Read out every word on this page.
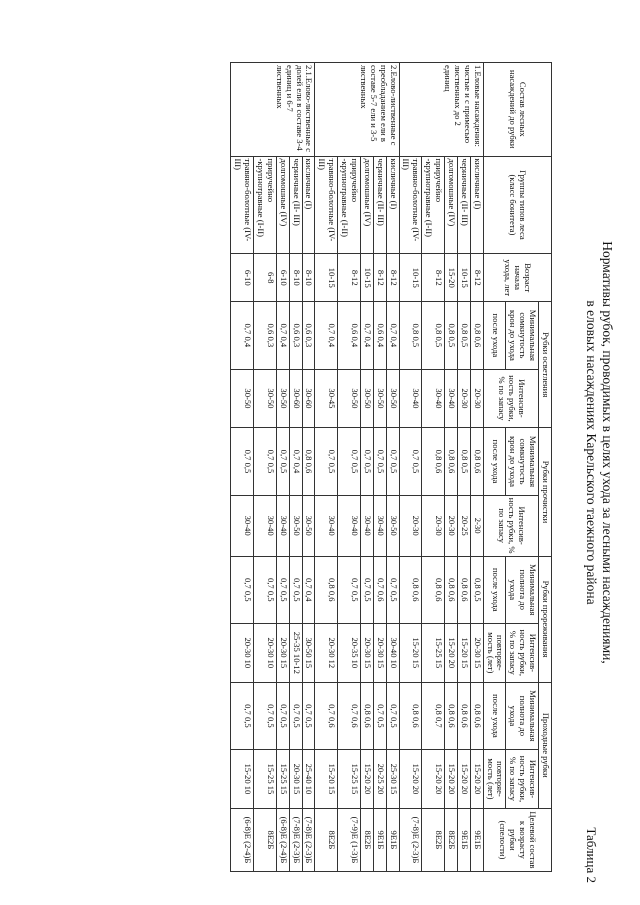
Таблица 2
Нормативы рубок, проводимых в целях ухода за лесными насаждениями,
в еловых насаждениях Карельского таежного района
Состав лесных насаждений до рубки	Группы типов леса (класс бонитета)	Возраст начала ухода, лет	Рубки осветления		Рубки прочистки		Рубки прореживания		Проходные рубки		Целевой состав к возрасту рубки (спелости)
			Минимальная сомкнутость крон до ухода	Интенсив-ность рубки, % по запасу	Минимальная сомкнутость крон до ухода	Интенсив-ность рубки, % по запасу	Минимальная полнота до ухода	Интенсив-ность рубки, % по запасу	Минимальная полнота до ухода	Интенсив-ность рубки, % по запасу	
			после ухода		после ухода		после ухода	повторяе-мость (лет)	после ухода	повторяе-мость (лет)	
1.Еловые насаждения: чистые и с примесью лиственных до 2 единиц	кисличные (I)	8-12	0,8 0,6	20-30	0,8 0,6	2-30	0,8 0,5	20-30 15	0,8 0,6	15-20 20	9Е1Б
	черничные (II- III)	10-15	0,8 0,5	20-30	0,8 0,5	20-25	0,8 0,6	15-20 15	0,8 0,6	15-20 20	9Е1Б
	долгомошные (IV)	15-20	0,8 0,5	30-40	0,8 0,6	20-30	0,8 0,6	15-20 20	0,8 0,6	15-20 20	8Е2Б
	приручейно -крупнотравные (I-II)	8-12	0,8 0,5	30-40	0,8 0,6	20-30	0,8 0,6	15-25 15	0,8 0,7	15-20 20	8Е2Б
	травяно-болотные (IV-III)	10-15	0,8 0,5	30-40	0,7 0,5	20-30	0,8 0,6	15-20 15	0,8 0,6	15-20 20	(7-8)Е (2-3)Б
2.Елово-лиственные с преобладанием ели в составе 5-7 ели и 3-5 лиственных	кисличные (I)	8-12	0,7 0,4	30-50	0,7 0,5	30-50	0,7 0,5	30-40 10	0,7 0,5	25-30 15	9Е1Б
	черничные (II- III)	8-12	0,6 0,4	30-50	0,7 0,5	30-40	0,7 0,6	20-30 15	0,7 0,5	20-25 20	9Е1Б
	долгомошные (IV)	10-15	0,7 0,4	30-50	0,7 0,5	30-40	0,7 0,5	20-30 15	0,8 0,6	15-20 20	8Е2Б
	приручейно -крупнотравные (I-II)	8-12	0,6 0,4	30-50	0,7 0,5	30-40	0,7 0,5	20-35 10	0,7 0,6	15-25 15	(7-9)Е (1-3)Б
	травяно-болотные (IV-III)	10-15	0,7 0,4	30-45	0,7 0,5	30-40	0,8 0,6	20-30 12	0,7 0,6	15-20 15	8Е2Б
2.1.Елово-лиственные с долей ели в составе 3-4 единиц и 6-7 лиственных	кисличные (I)	8-10	0,6 0,3	30-60	0,8 0,6	30-50	0,7 0,4	30-50 15	0,7 0,5	25-40 10	(7-8)Е (2-3)Б
	черничные (II- III)	8-10	0,6 0,3	30-60	0,7 0,4	30-50	0,7 0,5	25-35 10-12	0,7 0,5	20-30 15	(7-8)Е (2-3)Б
	долгомошные (IV)	6-10	0,7 0,4	30-50	0,7 0,5	30-40	0,7 0,5	20-30 15	0,7 0,5	15-25 15	(6-8)Е (2-4)Б
	приручейно -крупнотравные (I-II)	6-8	0,6 0,3	30-50	0,7 0,5	30-40	0,7 0,5	20-30 10	0,7 0,5	15-25 15	8Е2Б
	травяно-болотные (IV-III)	6-10	0,7 0,4	30-50	0,7 0,5	30-40	0,7 0,5	20-30 10	0,7 0,5	15-20 10	(6-8)Е (2-4)Б
